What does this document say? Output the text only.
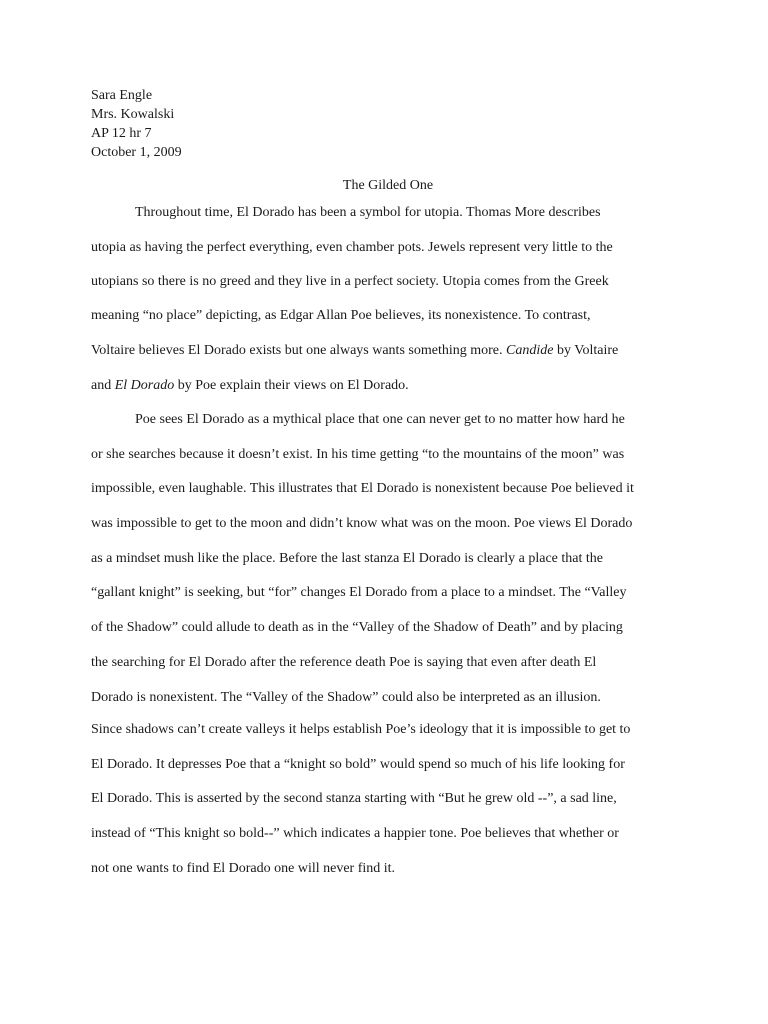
Sara Engle
Mrs. Kowalski
AP 12 hr 7
October 1, 2009
The Gilded One
Throughout time, El Dorado has been a symbol for utopia. Thomas More describes
utopia as having the perfect everything, even chamber pots. Jewels represent very little to the
utopians so there is no greed and they live in a perfect society. Utopia comes from the Greek
meaning “no place” depicting, as Edgar Allan Poe believes, its nonexistence. To contrast,
Voltaire believes El Dorado exists but one always wants something more. Candide by Voltaire
and El Dorado by Poe explain their views on El Dorado.
Poe sees El Dorado as a mythical place that one can never get to no matter how hard he
or she searches because it doesn’t exist. In his time getting “to the mountains of the moon” was
impossible, even laughable. This illustrates that El Dorado is nonexistent because Poe believed it
was impossible to get to the moon and didn’t know what was on the moon. Poe views El Dorado
as a mindset mush like the place. Before the last stanza El Dorado is clearly a place that the
“gallant knight” is seeking, but “for” changes El Dorado from a place to a mindset. The “Valley
of the Shadow” could allude to death as in the “Valley of the Shadow of Death” and by placing
the searching for El Dorado after the reference death Poe is saying that even after death El
Dorado is nonexistent. The “Valley of the Shadow” could also be interpreted as an illusion.
Since shadows can’t create valleys it helps establish Poe’s ideology that it is impossible to get to
El Dorado. It depresses Poe that a “knight so bold” would spend so much of his life looking for
El Dorado. This is asserted by the second stanza starting with “But he grew old --”, a sad line,
instead of “This knight so bold--” which indicates a happier tone. Poe believes that whether or
not one wants to find El Dorado one will never find it.
